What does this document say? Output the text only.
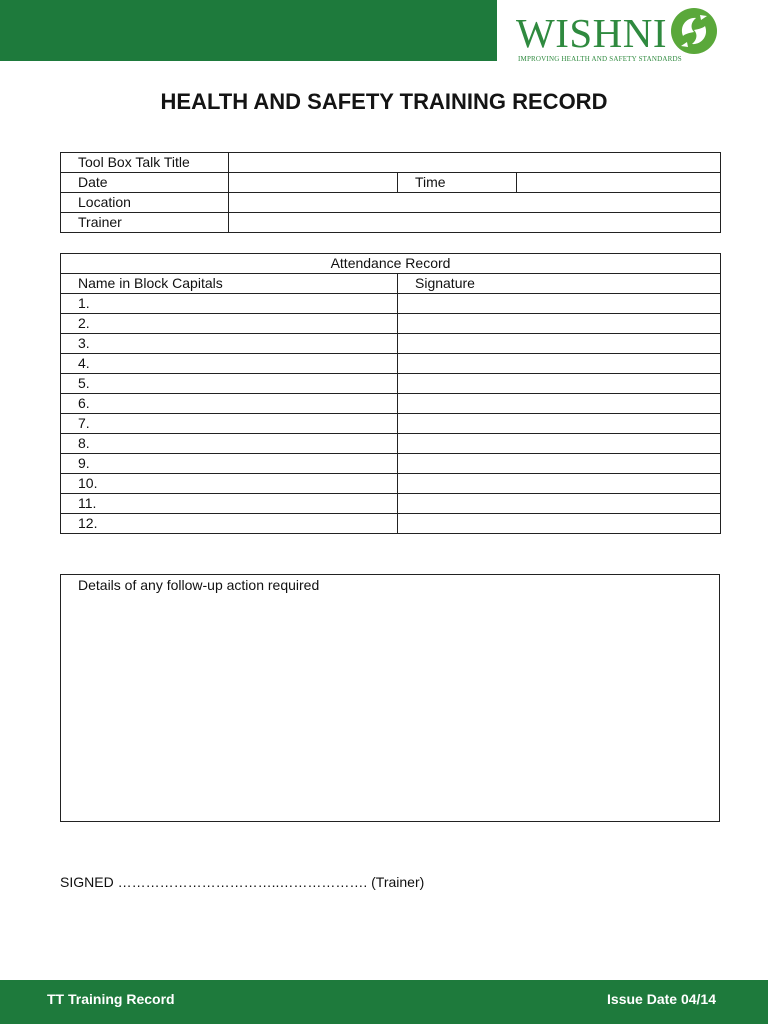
WISHNI
IMPROVING HEALTH AND SAFETY STANDARDS
HEALTH AND SAFETY TRAINING RECORD
Tool Box Talk Title			
Date		Time	
Location			
Trainer			
Attendance Record	
Name in Block Capitals	Signature
1.	
2.	
3.	
4.	
5.	
6.	
7.	
8.	
9.	
10.	
11.	
12.	
Details of any follow-up action required
SIGNED ……………………………..………………. (Trainer)
TT Training Record	Issue Date 04/14
